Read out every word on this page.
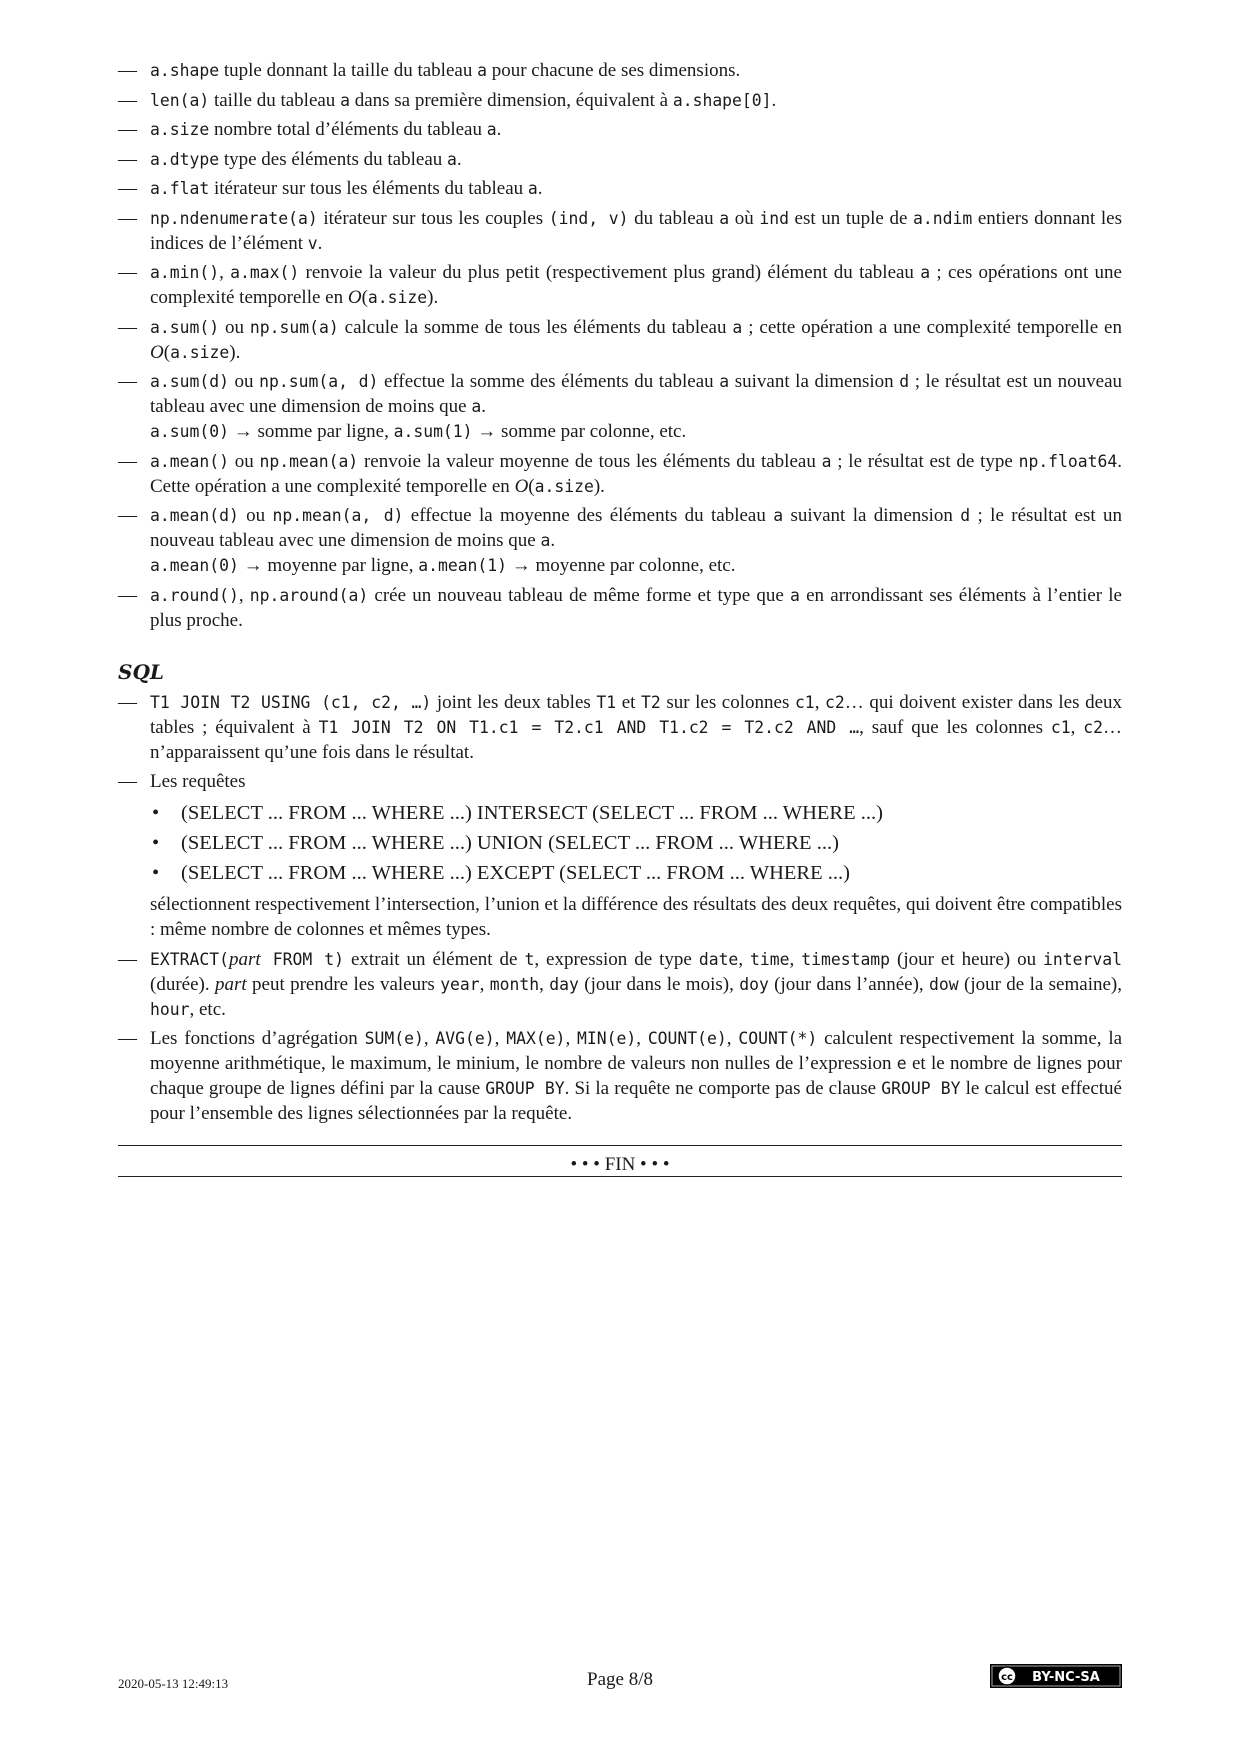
— a.shape tuple donnant la taille du tableau a pour chacune de ses dimensions.
— len(a) taille du tableau a dans sa première dimension, équivalent à a.shape[0].
— a.size nombre total d’éléments du tableau a.
— a.dtype type des éléments du tableau a.
— a.flat itérateur sur tous les éléments du tableau a.
— np.ndenumerate(a) itérateur sur tous les couples (ind, v) du tableau a où ind est un tuple de a.ndim entiers donnant les indices de l’élément v.
— a.min(), a.max() renvoie la valeur du plus petit (respectivement plus grand) élément du tableau a ; ces opérations ont une complexité temporelle en O(a.size).
— a.sum() ou np.sum(a) calcule la somme de tous les éléments du tableau a ; cette opération a une complexité temporelle en O(a.size).
— a.sum(d) ou np.sum(a, d) effectue la somme des éléments du tableau a suivant la dimension d ; le résultat est un nouveau tableau avec une dimension de moins que a.
a.sum(0) → somme par ligne, a.sum(1) → somme par colonne, etc.
— a.mean() ou np.mean(a) renvoie la valeur moyenne de tous les éléments du tableau a ; le résultat est de type np.float64. Cette opération a une complexité temporelle en O(a.size).
— a.mean(d) ou np.mean(a, d) effectue la moyenne des éléments du tableau a suivant la dimension d ; le résultat est un nouveau tableau avec une dimension de moins que a.
a.mean(0) → moyenne par ligne, a.mean(1) → moyenne par colonne, etc.
— a.round(), np.around(a) crée un nouveau tableau de même forme et type que a en arrondissant ses éléments à l’entier le plus proche.
SQL
— T1 JOIN T2 USING (c1, c2, …) joint les deux tables T1 et T2 sur les colonnes c1, c2… qui doivent exister dans les deux tables ; équivalent à T1 JOIN T2 ON T1.c1 = T2.c1 AND T1.c2 = T2.c2 AND …, sauf que les colonnes c1, c2… n’apparaissent qu’une fois dans le résultat.
— Les requêtes
• (SELECT ... FROM ... WHERE ...) INTERSECT (SELECT ... FROM ... WHERE ...)
• (SELECT ... FROM ... WHERE ...) UNION (SELECT ... FROM ... WHERE ...)
• (SELECT ... FROM ... WHERE ...) EXCEPT (SELECT ... FROM ... WHERE ...)
sélectionnent respectivement l’intersection, l’union et la différence des résultats des deux requêtes, qui doivent être compatibles : même nombre de colonnes et mêmes types.
— EXTRACT(part FROM t) extrait un élément de t, expression de type date, time, timestamp (jour et heure) ou interval (durée). part peut prendre les valeurs year, month, day (jour dans le mois), doy (jour dans l’année), dow (jour de la semaine), hour, etc.
— Les fonctions d’agrégation SUM(e), AVG(e), MAX(e), MIN(e), COUNT(e), COUNT(*) calculent respectivement la somme, la moyenne arithmétique, le maximum, le minium, le nombre de valeurs non nulles de l’expression e et le nombre de lignes pour chaque groupe de lignes défini par la cause GROUP BY. Si la requête ne comporte pas de clause GROUP BY le calcul est effectué pour l’ensemble des lignes sélectionnées par la requête.
• • • FIN • • •
2020-05-13 12:49:13	Page 8/8	cc BY-NC-SA
